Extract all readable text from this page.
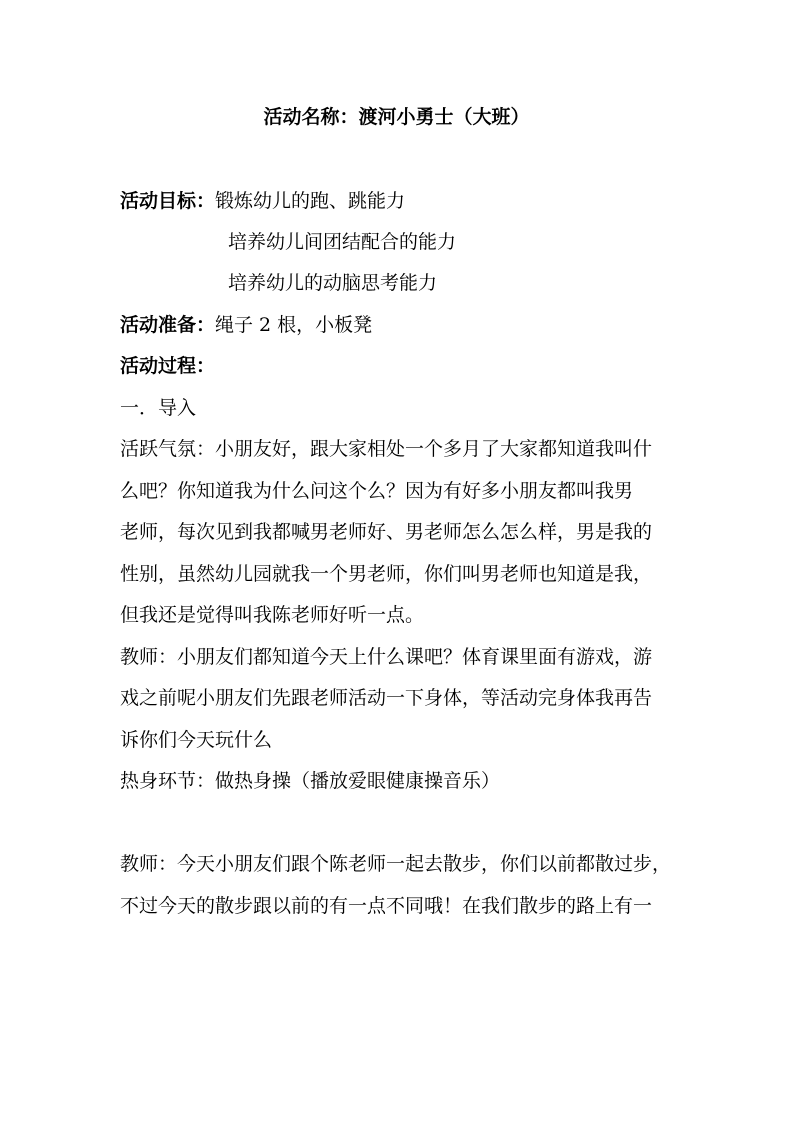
活动名称：渡河小勇士（大班）
活动目标：锻炼幼儿的跑、跳能力
培养幼儿间团结配合的能力
培养幼儿的动脑思考能力
活动准备：绳子 2 根，小板凳
活动过程：
一．导入
活跃气氛：小朋友好，跟大家相处一个多月了大家都知道我叫什
么吧？你知道我为什么问这个么？因为有好多小朋友都叫我男
老师，每次见到我都喊男老师好、男老师怎么怎么样，男是我的
性别，虽然幼儿园就我一个男老师，你们叫男老师也知道是我，
但我还是觉得叫我陈老师好听一点。
教师：小朋友们都知道今天上什么课吧？体育课里面有游戏，游
戏之前呢小朋友们先跟老师活动一下身体，等活动完身体我再告
诉你们今天玩什么
热身环节：做热身操（播放爱眼健康操音乐）
教师：今天小朋友们跟个陈老师一起去散步，你们以前都散过步，
不过今天的散步跟以前的有一点不同哦！在我们散步的路上有一
